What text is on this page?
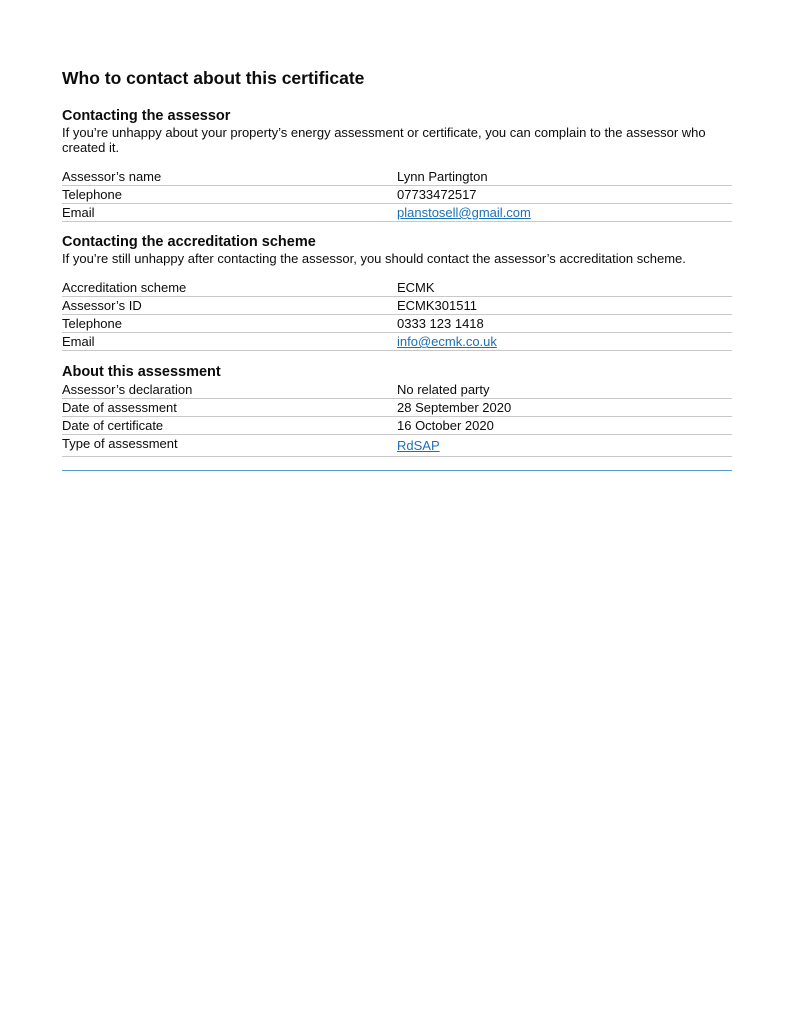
Who to contact about this certificate
Contacting the assessor

If you’re unhappy about your property’s energy assessment or certificate, you can complain to the assessor who created it.

Assessor’s name	Lynn Partington
Telephone	07733472517
Email	planstosell@gmail.com
Contacting the accreditation scheme

If you’re still unhappy after contacting the assessor, you should contact the assessor’s accreditation scheme.

Accreditation scheme	ECMK
Assessor’s ID	ECMK301511
Telephone	0333 123 1418
Email	info@ecmk.co.uk
About this assessment
Assessor’s declaration	No related party
Date of assessment	28 September 2020
Date of certificate	16 October 2020
Type of assessment	RdSAP
